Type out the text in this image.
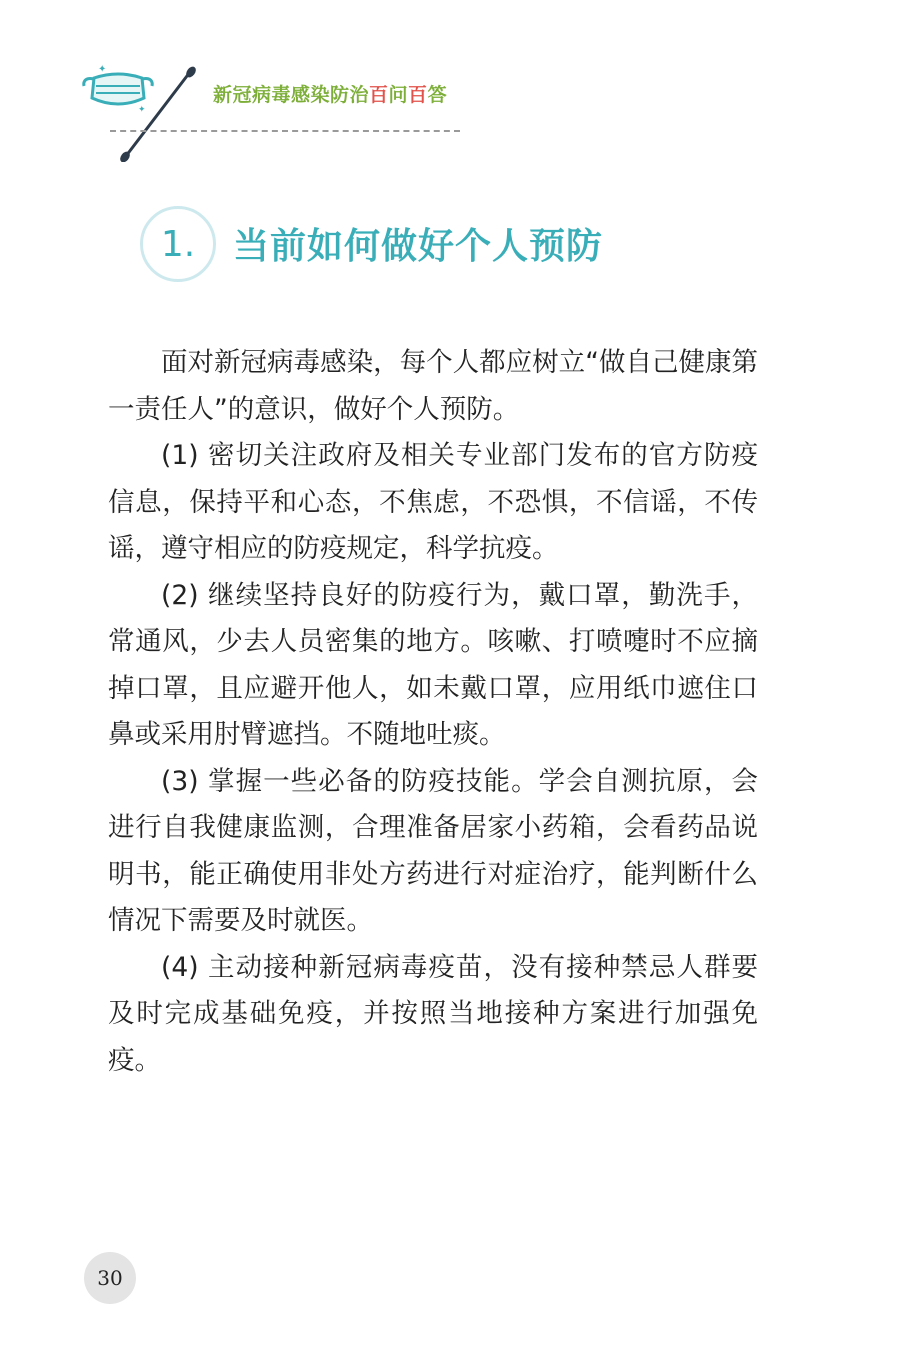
✦
✦
新冠病毒感染防治百问百答
1. 当前如何做好个人预防

面对新冠病毒感染，每个人都应树立“做自己健康第一责任人”的意识，做好个人预防。

(1) 密切关注政府及相关专业部门发布的官方防疫信息，保持平和心态，不焦虑，不恐惧，不信谣，不传谣，遵守相应的防疫规定，科学抗疫。

(2) 继续坚持良好的防疫行为，戴口罩，勤洗手，常通风，少去人员密集的地方。咳嗽、打喷嚏时不应摘掉口罩，且应避开他人，如未戴口罩，应用纸巾遮住口鼻或采用肘臂遮挡。不随地吐痰。

(3) 掌握一些必备的防疫技能。学会自测抗原，会进行自我健康监测，合理准备居家小药箱，会看药品说明书，能正确使用非处方药进行对症治疗，能判断什么情况下需要及时就医。

(4) 主动接种新冠病毒疫苗，没有接种禁忌人群要及时完成基础免疫，并按照当地接种方案进行加强免疫。

30
